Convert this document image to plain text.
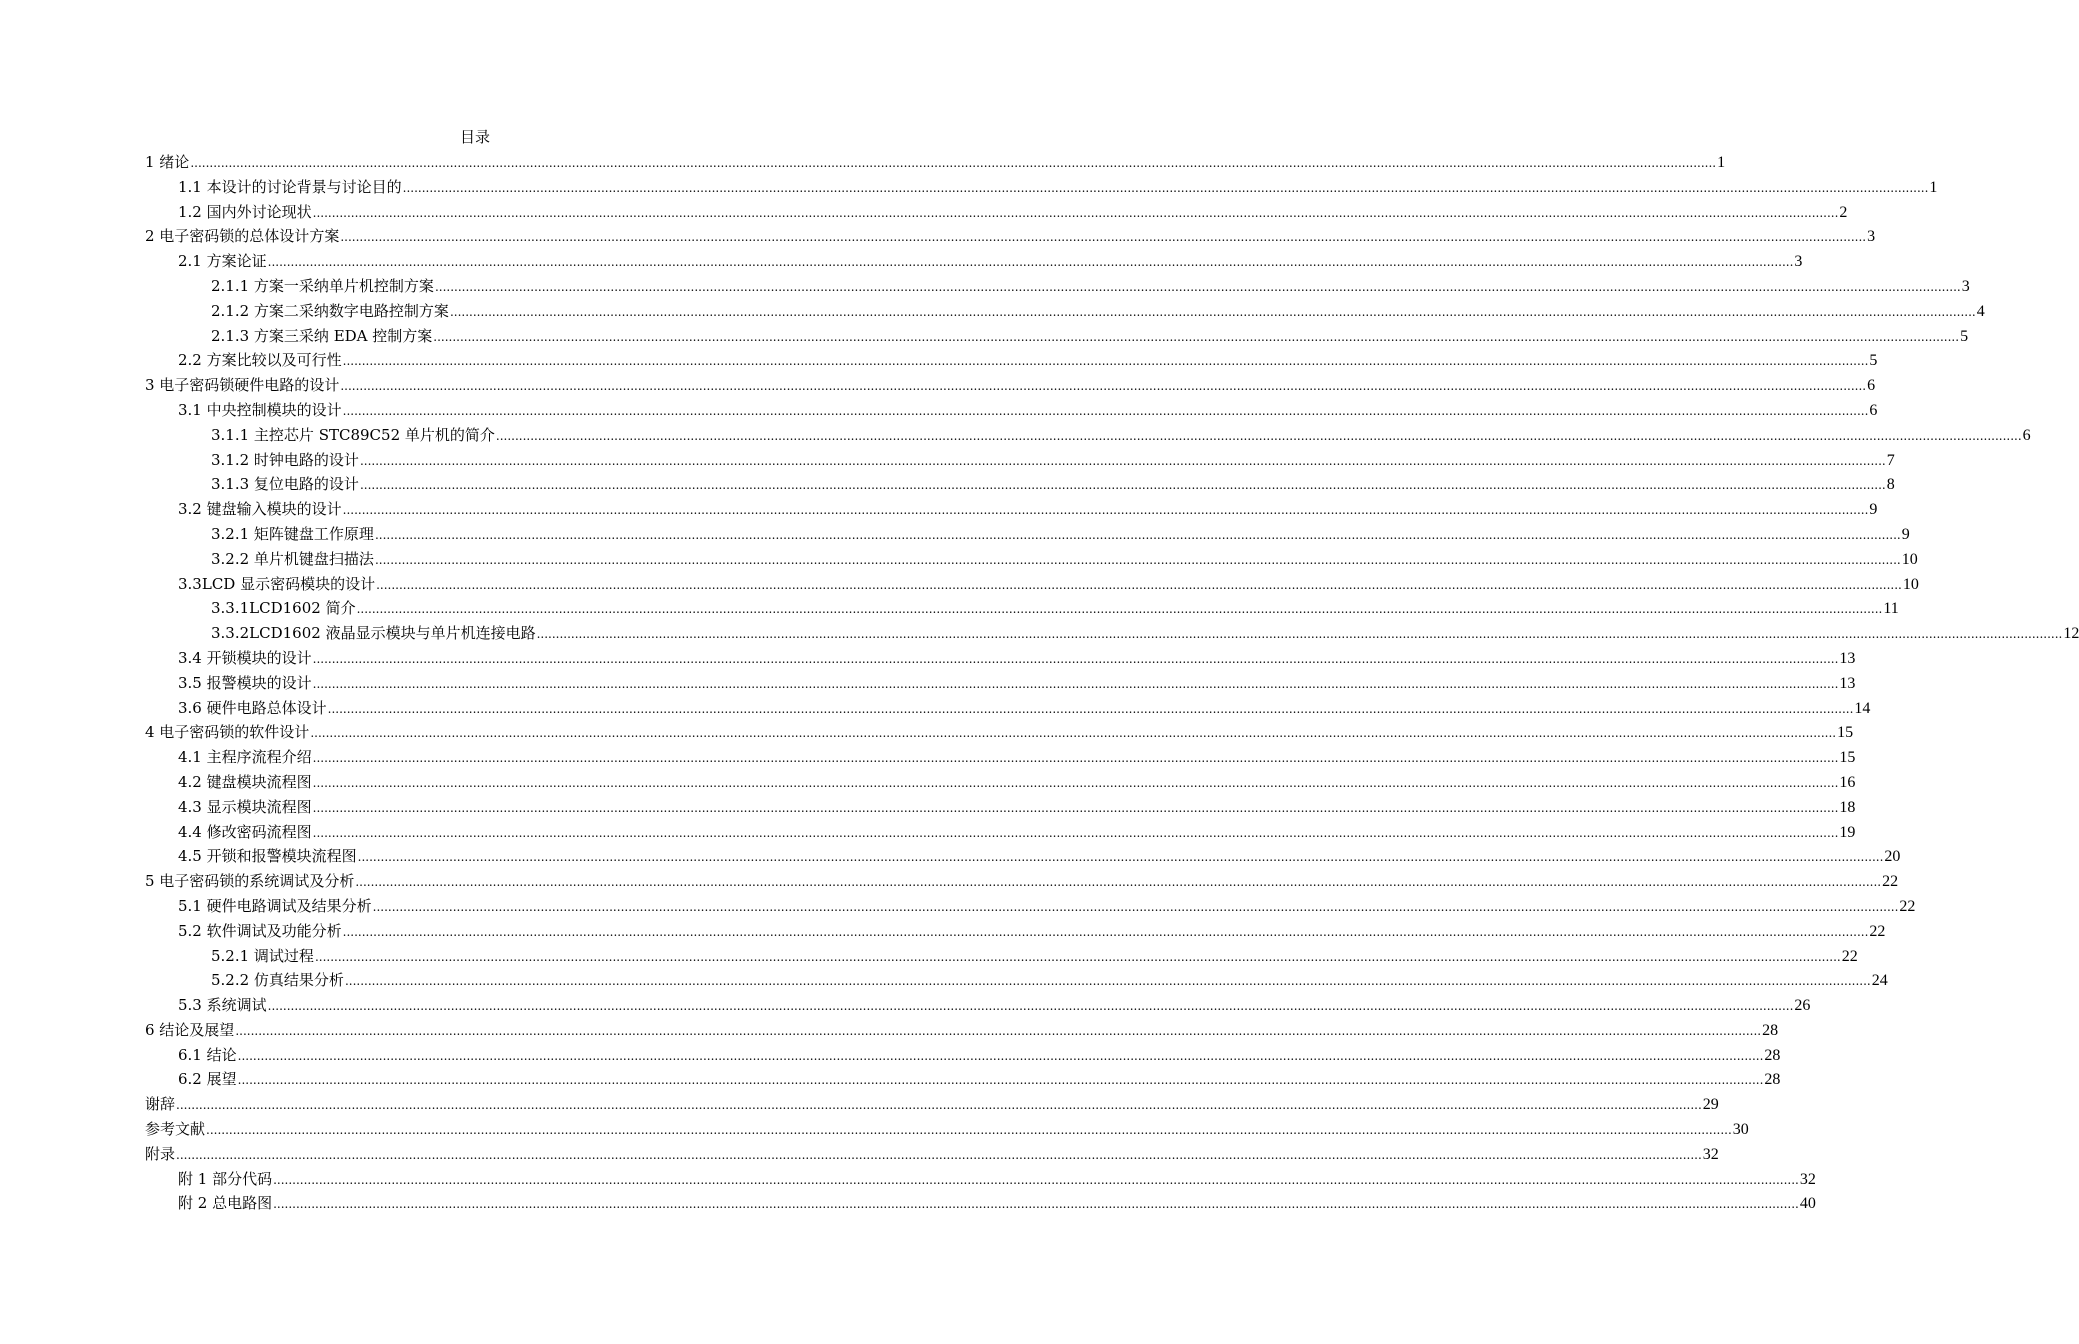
目录
1 绪论 ................................................................................................................................................................................................................................................................................................................................................................................................................ 1
1.1 本设计的讨论背景与讨论目的 ................................................................................................................................................................................................................................................................................................................................................................................................................ 1
1.2 国内外讨论现状 ................................................................................................................................................................................................................................................................................................................................................................................................................ 2
2 电子密码锁的总体设计方案 ................................................................................................................................................................................................................................................................................................................................................................................................................ 3
2.1 方案论证 ................................................................................................................................................................................................................................................................................................................................................................................................................ 3
2.1.1 方案一采纳单片机控制方案 ................................................................................................................................................................................................................................................................................................................................................................................................................ 3
2.1.2 方案二采纳数字电路控制方案 ................................................................................................................................................................................................................................................................................................................................................................................................................ 4
2.1.3 方案三采纳 EDA 控制方案 ................................................................................................................................................................................................................................................................................................................................................................................................................ 5
2.2 方案比较以及可行性 ................................................................................................................................................................................................................................................................................................................................................................................................................ 5
3 电子密码锁硬件电路的设计 ................................................................................................................................................................................................................................................................................................................................................................................................................ 6
3.1 中央控制模块的设计 ................................................................................................................................................................................................................................................................................................................................................................................................................ 6
3.1.1 主控芯片 STC89C52 单片机的简介 ................................................................................................................................................................................................................................................................................................................................................................................................................ 6
3.1.2 时钟电路的设计 ................................................................................................................................................................................................................................................................................................................................................................................................................ 7
3.1.3 复位电路的设计 ................................................................................................................................................................................................................................................................................................................................................................................................................ 8
3.2 键盘输入模块的设计 ................................................................................................................................................................................................................................................................................................................................................................................................................ 9
3.2.1 矩阵键盘工作原理 ................................................................................................................................................................................................................................................................................................................................................................................................................ 9
3.2.2 单片机键盘扫描法 ................................................................................................................................................................................................................................................................................................................................................................................................................ 10
3.3LCD 显示密码模块的设计 ................................................................................................................................................................................................................................................................................................................................................................................................................ 10
3.3.1LCD1602 简介 ................................................................................................................................................................................................................................................................................................................................................................................................................ 11
3.3.2LCD1602 液晶显示模块与单片机连接电路 ................................................................................................................................................................................................................................................................................................................................................................................................................ 12
3.4 开锁模块的设计 ................................................................................................................................................................................................................................................................................................................................................................................................................ 13
3.5 报警模块的设计 ................................................................................................................................................................................................................................................................................................................................................................................................................ 13
3.6 硬件电路总体设计 ................................................................................................................................................................................................................................................................................................................................................................................................................ 14
4 电子密码锁的软件设计 ................................................................................................................................................................................................................................................................................................................................................................................................................ 15
4.1 主程序流程介绍 ................................................................................................................................................................................................................................................................................................................................................................................................................ 15
4.2 键盘模块流程图 ................................................................................................................................................................................................................................................................................................................................................................................................................ 16
4.3 显示模块流程图 ................................................................................................................................................................................................................................................................................................................................................................................................................ 18
4.4 修改密码流程图 ................................................................................................................................................................................................................................................................................................................................................................................................................ 19
4.5 开锁和报警模块流程图 ................................................................................................................................................................................................................................................................................................................................................................................................................ 20
5 电子密码锁的系统调试及分析 ................................................................................................................................................................................................................................................................................................................................................................................................................ 22
5.1 硬件电路调试及结果分析 ................................................................................................................................................................................................................................................................................................................................................................................................................ 22
5.2 软件调试及功能分析 ................................................................................................................................................................................................................................................................................................................................................................................................................ 22
5.2.1 调试过程 ................................................................................................................................................................................................................................................................................................................................................................................................................ 22
5.2.2 仿真结果分析 ................................................................................................................................................................................................................................................................................................................................................................................................................ 24
5.3 系统调试 ................................................................................................................................................................................................................................................................................................................................................................................................................ 26
6 结论及展望 ................................................................................................................................................................................................................................................................................................................................................................................................................ 28
6.1 结论 ................................................................................................................................................................................................................................................................................................................................................................................................................ 28
6.2 展望 ................................................................................................................................................................................................................................................................................................................................................................................................................ 28
谢辞 ................................................................................................................................................................................................................................................................................................................................................................................................................ 29
参考文献 ................................................................................................................................................................................................................................................................................................................................................................................................................ 30
附录 ................................................................................................................................................................................................................................................................................................................................................................................................................ 32
附 1 部分代码 ................................................................................................................................................................................................................................................................................................................................................................................................................ 32
附 2 总电路图 ................................................................................................................................................................................................................................................................................................................................................................................................................ 40
